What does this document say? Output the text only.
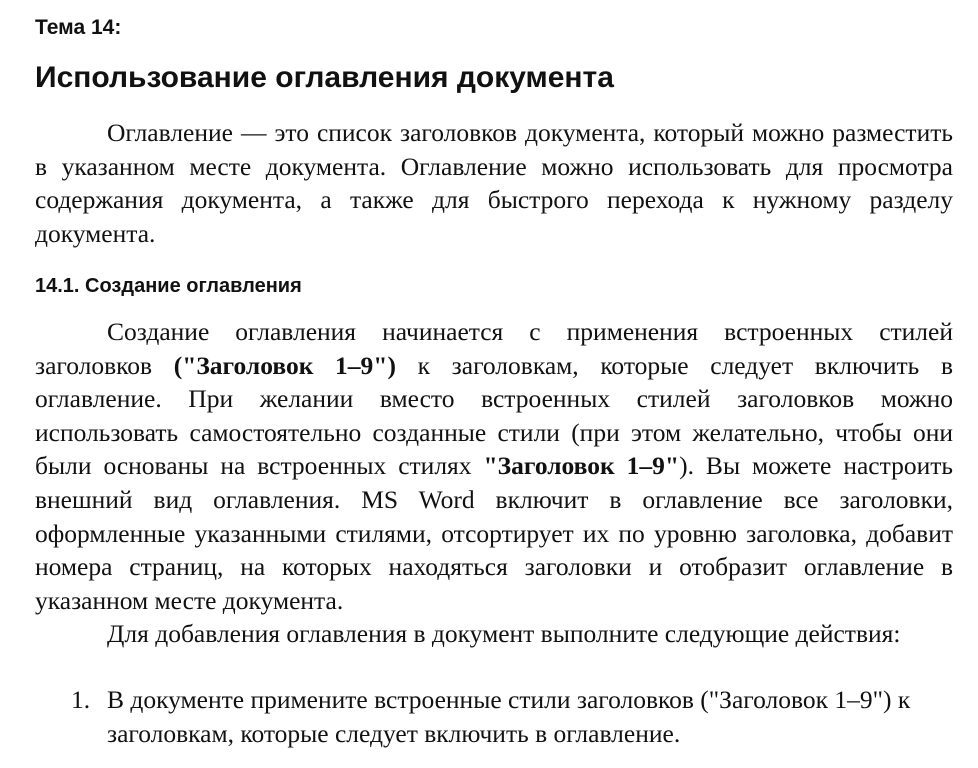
Тема 14:
Использование оглавления документа

Оглавление — это список заголовков документа, который можно разместить в указанном месте документа. Оглавление можно использовать для просмотра содержания документа, а также для быстрого перехода к нужному разделу документа.

14.1. Создание оглавления

Создание оглавления начинается с применения встроенных стилей заголовков ("Заголовок 1–9") к заголовкам, которые следует включить в оглавление. При желании вместо встроенных стилей заголовков можно использовать самостоятельно созданные стили (при этом желательно, чтобы они были основаны на встроенных стилях "Заголовок 1–9"). Вы можете настроить внешний вид оглавления. MS Word включит в оглавление все заголовки, оформленные указанными стилями, отсортирует их по уровню заголовка, добавит номера страниц, на которых находяться заголовки и отобразит оглавление в указанном месте документа.

Для добавления оглавления в документ выполните следующие действия:

1. В документе примените встроенные стили заголовков ("Заголовок 1–9") к заголовкам, которые следует включить в оглавление.
